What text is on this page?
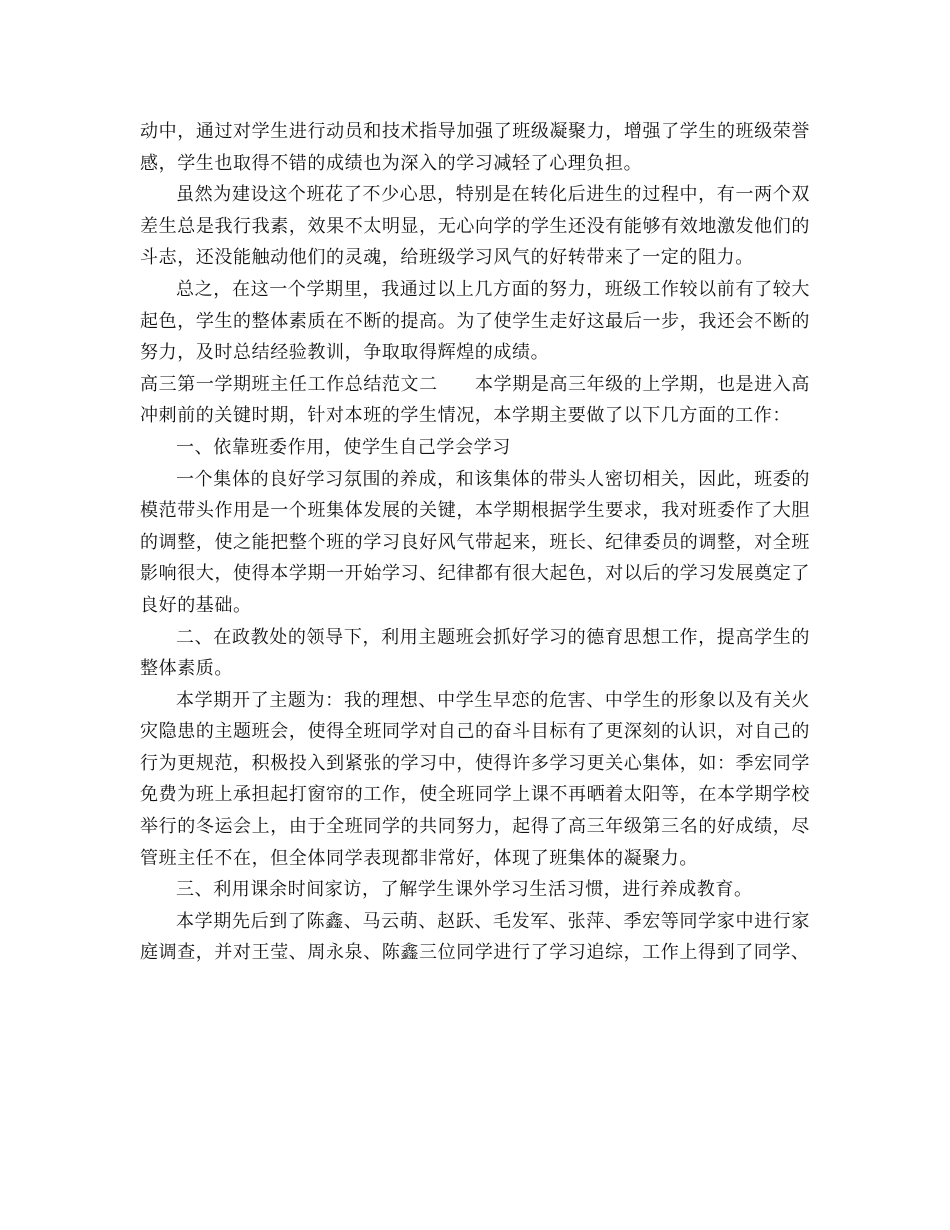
动中，通过对学生进行动员和技术指导加强了班级凝聚力，增强了学生的班级荣誉感，学生也取得不错的成绩也为深入的学习减轻了心理负担。

虽然为建设这个班花了不少心思，特别是在转化后进生的过程中，有一两个双差生总是我行我素，效果不太明显，无心向学的学生还没有能够有效地激发他们的斗志，还没能触动他们的灵魂，给班级学习风气的好转带来了一定的阻力。

总之，在这一个学期里，我通过以上几方面的努力，班级工作较以前有了较大起色，学生的整体素质在不断的提高。为了使学生走好这最后一步，我还会不断的努力，及时总结经验教训，争取取得辉煌的成绩。

高三第一学期班主任工作总结范文二　　本学期是高三年级的上学期，也是进入高冲刺前的关键时期，针对本班的学生情况，本学期主要做了以下几方面的工作：

一、依靠班委作用，使学生自己学会学习

一个集体的良好学习氛围的养成，和该集体的带头人密切相关，因此，班委的模范带头作用是一个班集体发展的关键，本学期根据学生要求，我对班委作了大胆的调整，使之能把整个班的学习良好风气带起来，班长、纪律委员的调整，对全班影响很大，使得本学期一开始学习、纪律都有很大起色，对以后的学习发展奠定了良好的基础。

二、在政教处的领导下，利用主题班会抓好学习的德育思想工作，提高学生的整体素质。

本学期开了主题为：我的理想、中学生早恋的危害、中学生的形象以及有关火灾隐患的主题班会，使得全班同学对自己的奋斗目标有了更深刻的认识，对自己的行为更规范，积极投入到紧张的学习中，使得许多学习更关心集体，如：季宏同学免费为班上承担起打窗帘的工作，使全班同学上课不再晒着太阳等，在本学期学校举行的冬运会上，由于全班同学的共同努力，起得了高三年级第三名的好成绩，尽管班主任不在，但全体同学表现都非常好，体现了班集体的凝聚力。

三、利用课余时间家访，了解学生课外学习生活习惯，进行养成教育。

本学期先后到了陈鑫、马云萌、赵跃、毛发军、张萍、季宏等同学家中进行家庭调查，并对王莹、周永泉、陈鑫三位同学进行了学习追综，工作上得到了同学、
